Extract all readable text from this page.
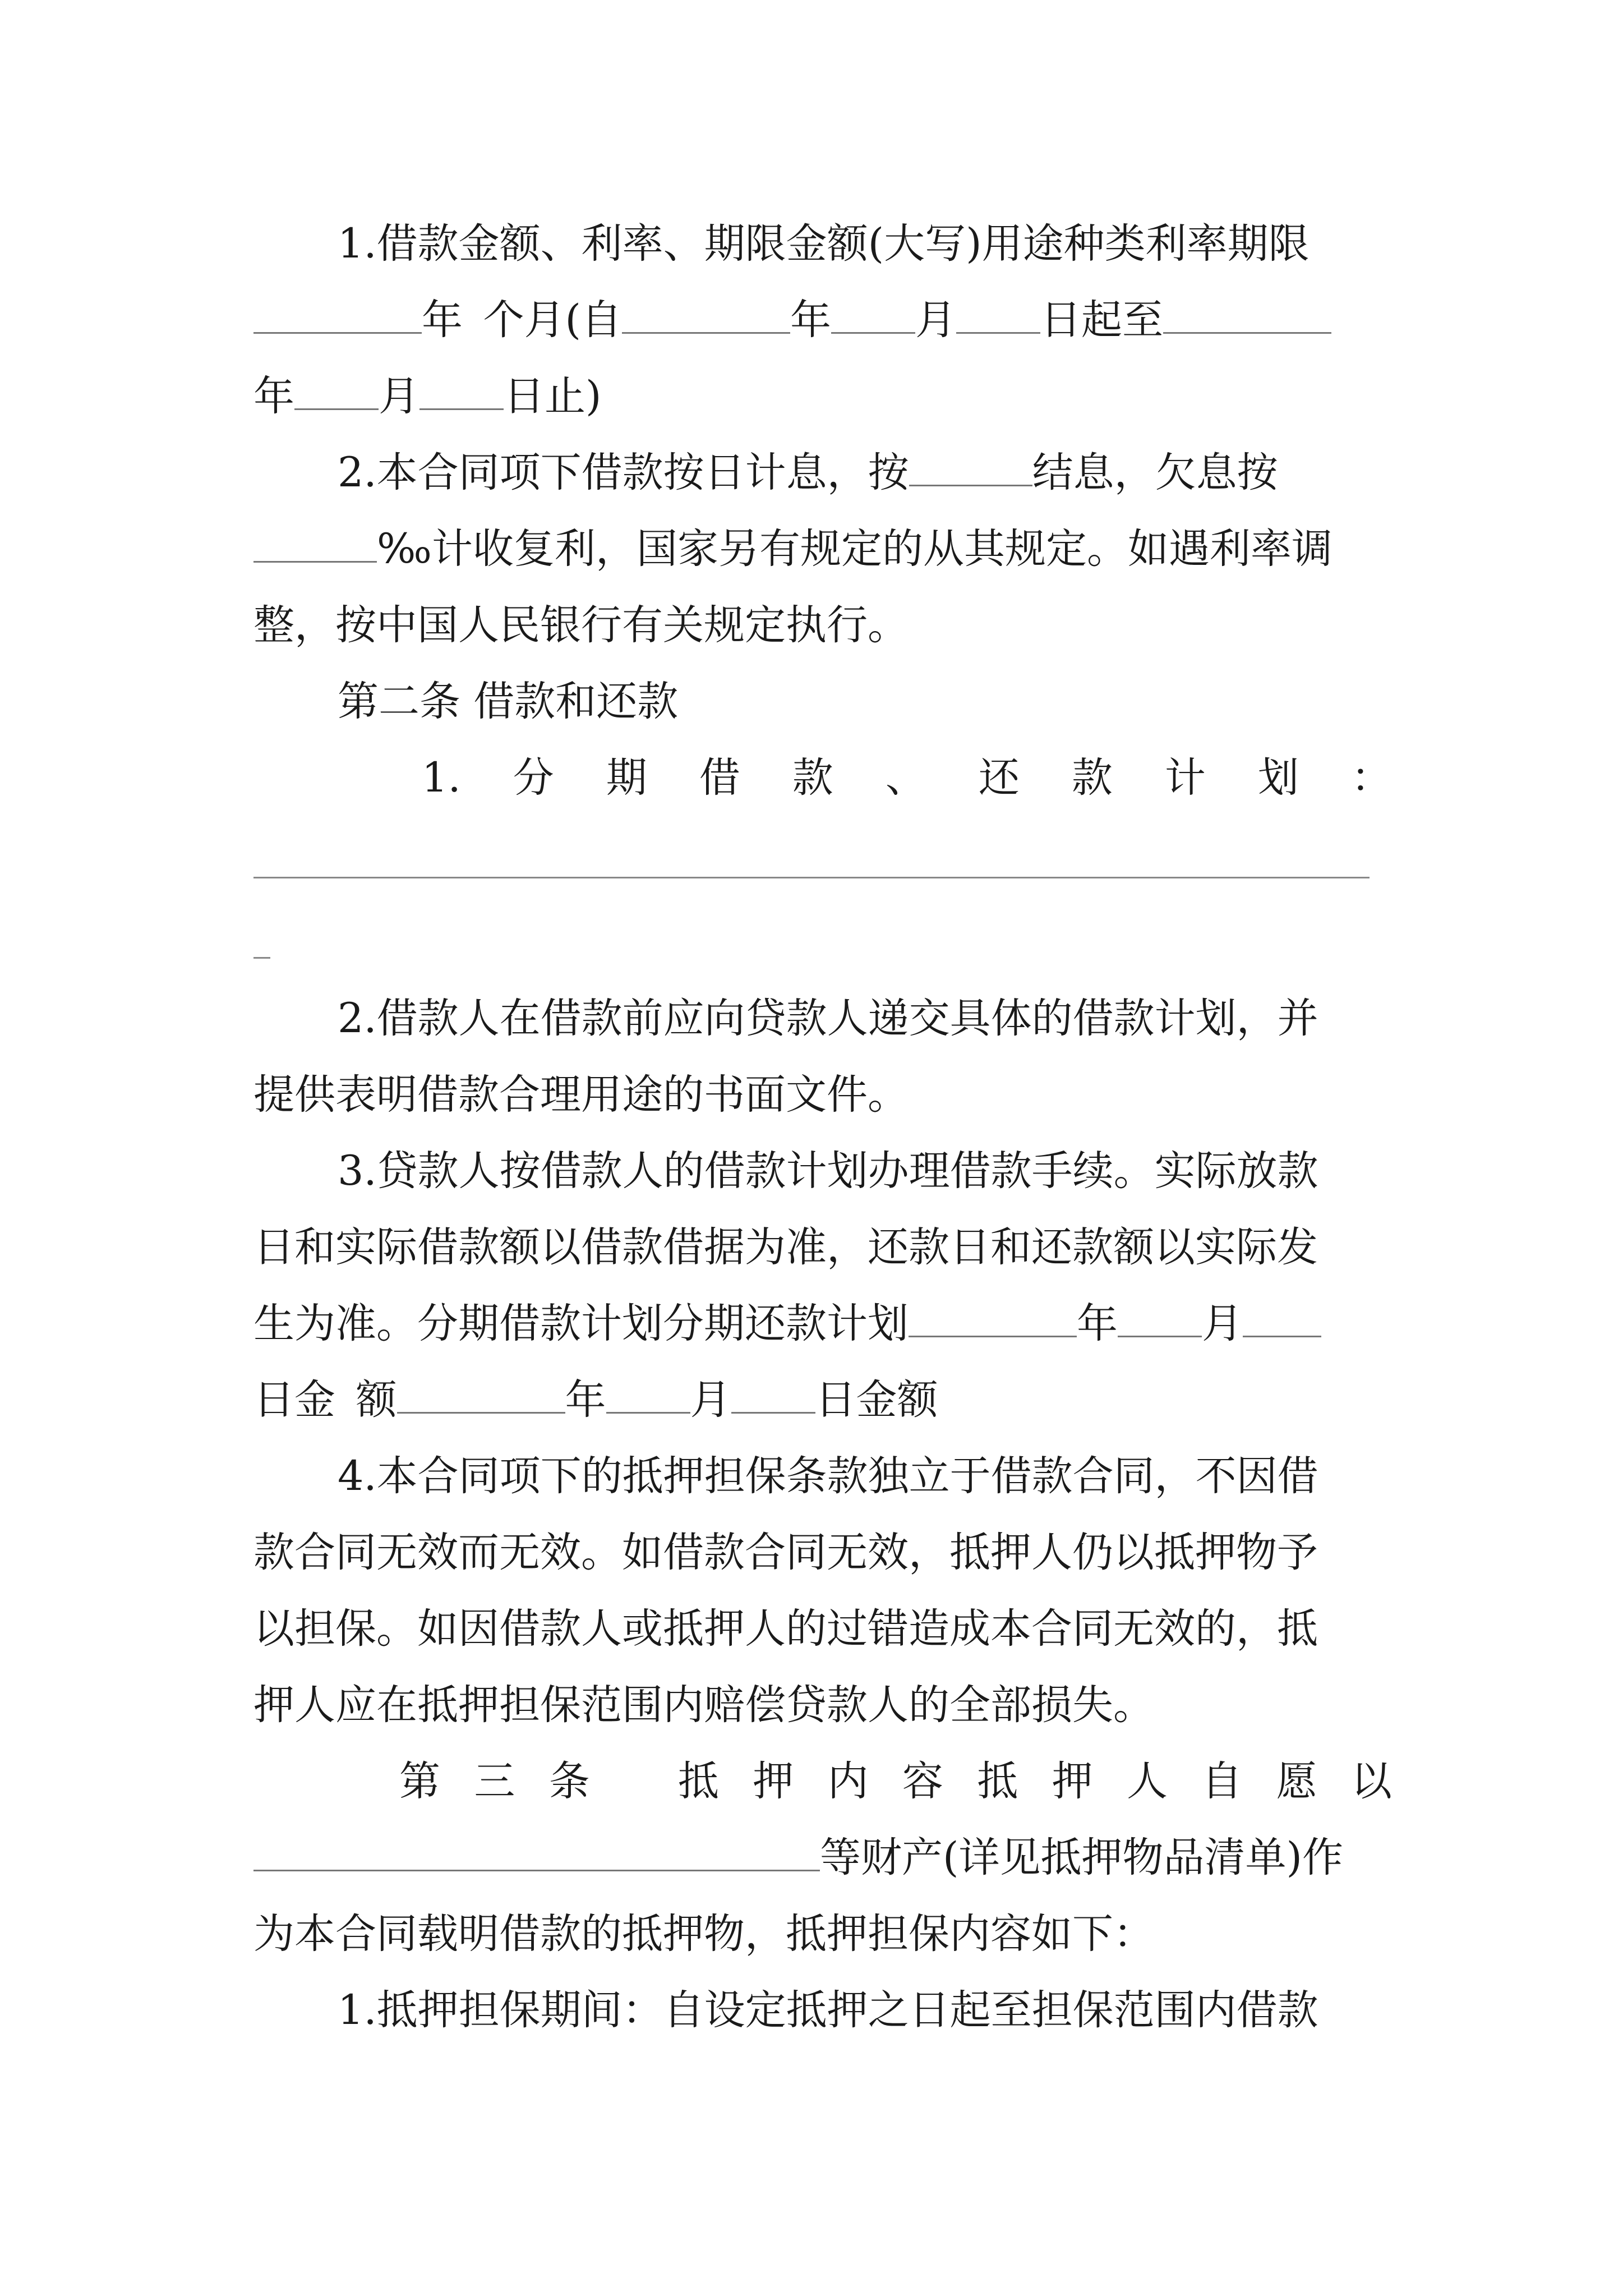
1.借款金额、利率、期限金额(大写)用途种类利率期限
年 个月(自	年 月 日起至
年 月 日止)
2.本合同项下借款按日计息，按	结息，欠息按
‰计收复利，国家另有规定的从其规定。如遇利率调
整，按中国人民银行有关规定执行。
第二条 借款和还款
1. 分 期 借 款 、 还 款 计 划 ：
2.借款人在借款前应向贷款人递交具体的借款计划，并
提供表明借款合理用途的书面文件。
3.贷款人按借款人的借款计划办理借款手续。实际放款
日和实际借款额以借款借据为准，还款日和还款额以实际发
生为准。分期借款计划分期还款计划	年 月
日金 额	年 月 日金额
4.本合同项下的抵押担保条款独立于借款合同，不因借
款合同无效而无效。如借款合同无效，抵押人仍以抵押物予
以担保。如因借款人或抵押人的过错造成本合同无效的，抵
押人应在抵押担保范围内赔偿贷款人的全部损失。
第 三 条 抵 押 内 容 抵 押 人 自 愿 以
等财产(详见抵押物品清单)作
为本合同载明借款的抵押物，抵押担保内容如下：
1.抵押担保期间：自设定抵押之日起至担保范围内借款
